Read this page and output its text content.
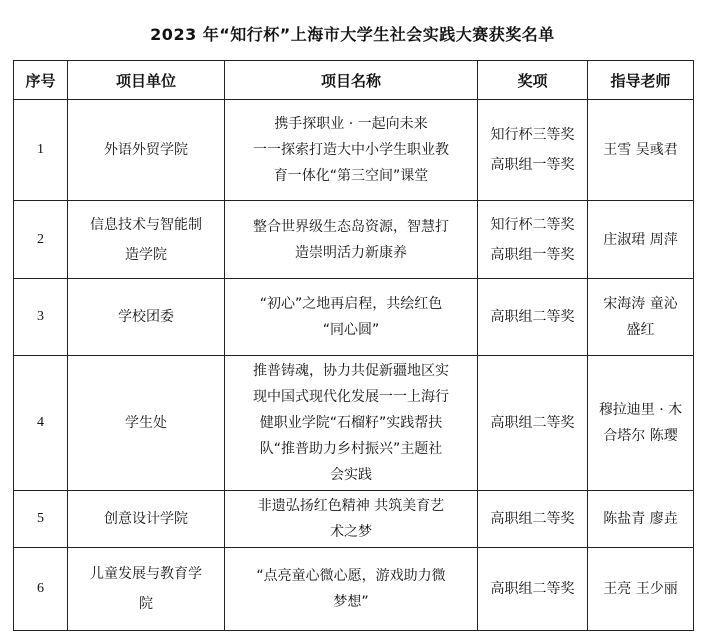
2023 年“知行杯”上海市大学生社会实践大赛获奖名单
序号	项目单位	项目名称	奖项	指导老师

1	外语外贸学院	携手探职业 · 一起向未来
一一探索打造大中小学生职业教
育一体化“第三空间”课堂	知行杯三等奖
高职组一等奖	王雪 吴彧君

2	信息技术与智能制
造学院	整合世界级生态岛资源，智慧打
造崇明活力新康养	知行杯二等奖
高职组一等奖	庄淑珺 周萍

3	学校团委	“初心”之地再启程，共绘红色
“同心圆”	高职组二等奖	宋海涛 童沁
盛红

4	学生处	推普铸魂，协力共促新疆地区实
现中国式现代化发展一一上海行
健职业学院“石榴籽”实践帮扶
队“推普助力乡村振兴”主题社
会实践	高职组二等奖	穆拉迪里 · 木
合塔尔 陈璎

5	创意设计学院	非遗弘扬红色精神 共筑美育艺
术之梦	高职组二等奖	陈盐青 廖垚

6	儿童发展与教育学
院	“点亮童心微心愿，游戏助力微
梦想”	高职组二等奖	王亮 王少丽
